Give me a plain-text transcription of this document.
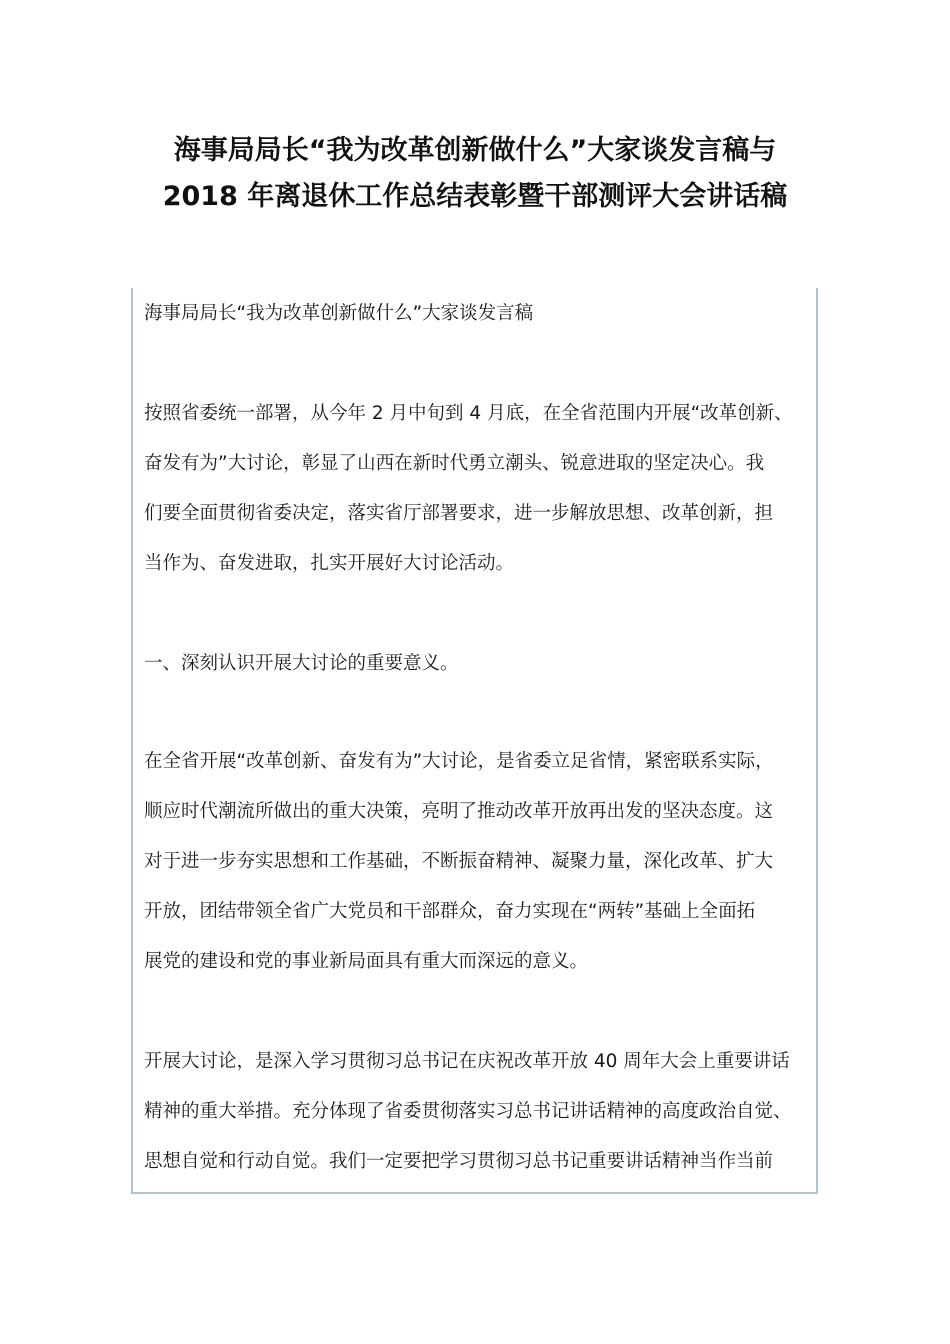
海事局局长“我为改革创新做什么”大家谈发言稿与
2018 年离退休工作总结表彰暨干部测评大会讲话稿
海事局局长“我为改革创新做什么”大家谈发言稿
按照省委统一部署，从今年 2 月中旬到 4 月底，在全省范围内开展“改革创新、
奋发有为”大讨论，彰显了山西在新时代勇立潮头、锐意进取的坚定决心。我
们要全面贯彻省委决定，落实省厅部署要求，进一步解放思想、改革创新，担
当作为、奋发进取，扎实开展好大讨论活动。
一、深刻认识开展大讨论的重要意义。
在全省开展“改革创新、奋发有为”大讨论，是省委立足省情，紧密联系实际，
顺应时代潮流所做出的重大决策，亮明了推动改革开放再出发的坚决态度。这
对于进一步夯实思想和工作基础，不断振奋精神、凝聚力量，深化改革、扩大
开放，团结带领全省广大党员和干部群众，奋力实现在“两转”基础上全面拓
展党的建设和党的事业新局面具有重大而深远的意义。
开展大讨论，是深入学习贯彻习总书记在庆祝改革开放 40 周年大会上重要讲话
精神的重大举措。充分体现了省委贯彻落实习总书记讲话精神的高度政治自觉、
思想自觉和行动自觉。我们一定要把学习贯彻习总书记重要讲话精神当作当前
